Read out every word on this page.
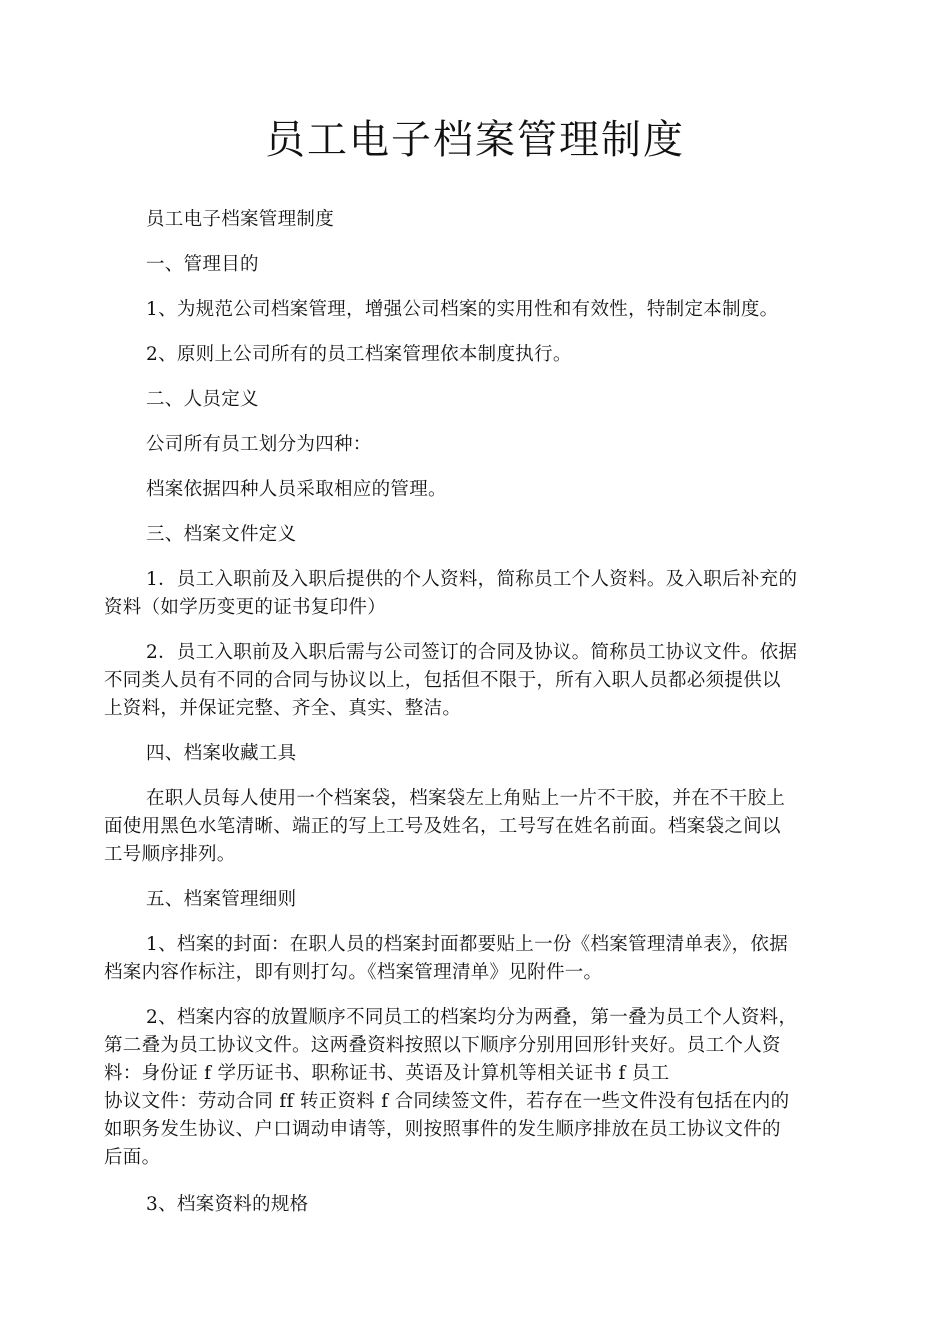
员工电子档案管理制度

员工电子档案管理制度

一、管理目的

1、为规范公司档案管理，增强公司档案的实用性和有效性，特制定本制度。

2、原则上公司所有的员工档案管理依本制度执行。

二、人员定义

公司所有员工划分为四种：

档案依据四种人员采取相应的管理。

三、档案文件定义

1．员工入职前及入职后提供的个人资料，简称员工个人资料。及入职后补充的
资料（如学历变更的证书复印件）

2．员工入职前及入职后需与公司签订的合同及协议。简称员工协议文件。依据
不同类人员有不同的合同与协议以上，包括但不限于，所有入职人员都必须提供以
上资料，并保证完整、齐全、真实、整洁。

四、档案收藏工具

在职人员每人使用一个档案袋，档案袋左上角贴上一片不干胶，并在不干胶上
面使用黑色水笔清晰、端正的写上工号及姓名，工号写在姓名前面。档案袋之间以
工号顺序排列。

五、档案管理细则

1、档案的封面：在职人员的档案封面都要贴上一份《档案管理清单表》，依据
档案内容作标注，即有则打勾。《档案管理清单》见附件一。

2、档案内容的放置顺序不同员工的档案均分为两叠，第一叠为员工个人资料，
第二叠为员工协议文件。这两叠资料按照以下顺序分别用回形针夹好。员工个人资
料：身份证 f 学历证书、职称证书、英语及计算机等相关证书 f 员工
协议文件：劳动合同 ff 转正资料 f 合同续签文件，若存在一些文件没有包括在内的
如职务发生协议、户口调动申请等，则按照事件的发生顺序排放在员工协议文件的
后面。

3、档案资料的规格
